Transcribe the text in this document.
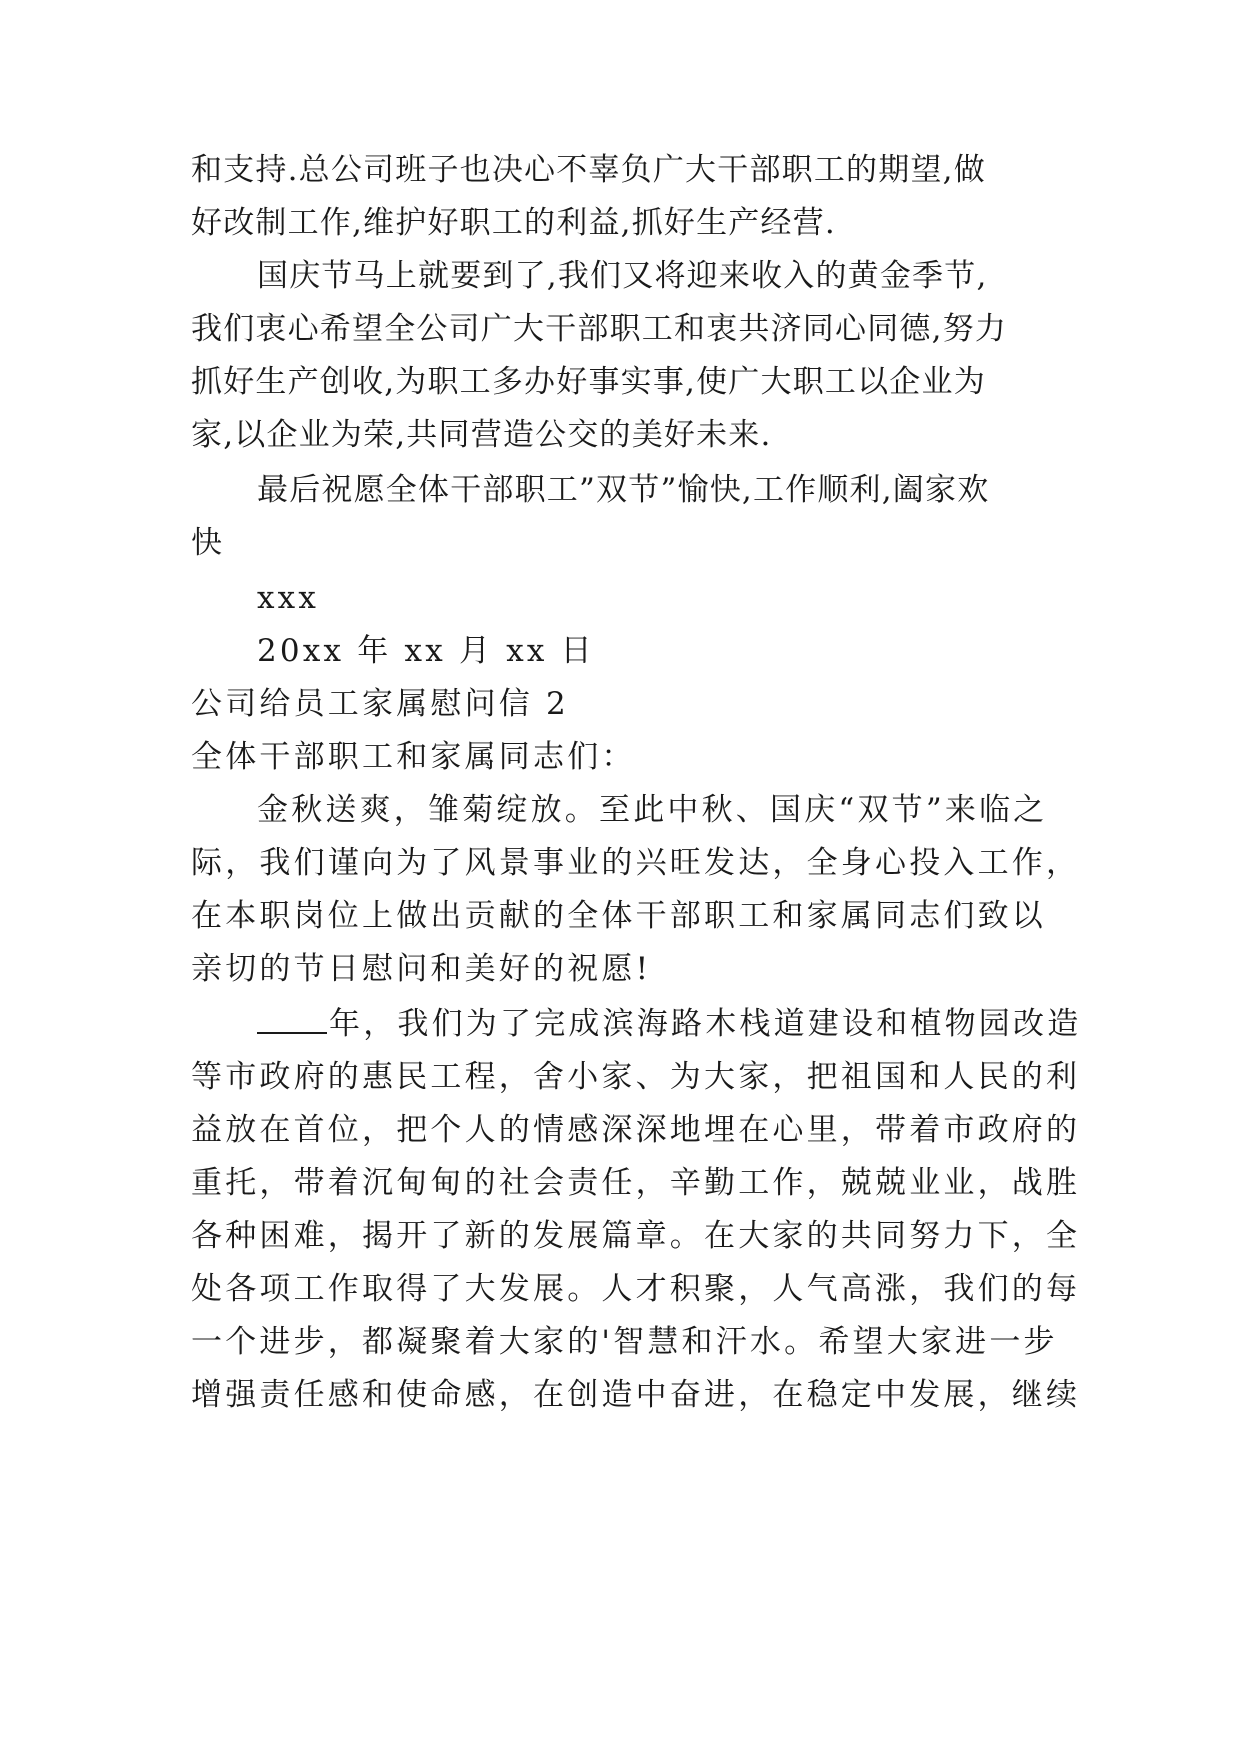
和支持.总公司班子也决心不辜负广大干部职工的期望,做
好改制工作,维护好职工的利益,抓好生产经营.
国庆节马上就要到了,我们又将迎来收入的黄金季节,
我们衷心希望全公司广大干部职工和衷共济同心同德,努力
抓好生产创收,为职工多办好事实事,使广大职工以企业为
家,以企业为荣,共同营造公交的美好未来.
最后祝愿全体干部职工”双节”愉快,工作顺利,阖家欢
快
xxx
20xx 年 xx 月 xx 日
公司给员工家属慰问信 2
全体干部职工和家属同志们：
金秋送爽，雏菊绽放。至此中秋、国庆“双节”来临之
际，我们谨向为了风景事业的兴旺发达，全身心投入工作，
在本职岗位上做出贡献的全体干部职工和家属同志们致以
亲切的节日慰问和美好的祝愿!
年，我们为了完成滨海路木栈道建设和植物园改造
等市政府的惠民工程，舍小家、为大家，把祖国和人民的利
益放在首位，把个人的情感深深地埋在心里，带着市政府的
重托，带着沉甸甸的社会责任，辛勤工作，兢兢业业，战胜
各种困难，揭开了新的发展篇章。在大家的共同努力下，全
处各项工作取得了大发展。人才积聚，人气高涨，我们的每
一个进步，都凝聚着大家的'智慧和汗水。希望大家进一步
增强责任感和使命感，在创造中奋进，在稳定中发展，继续
